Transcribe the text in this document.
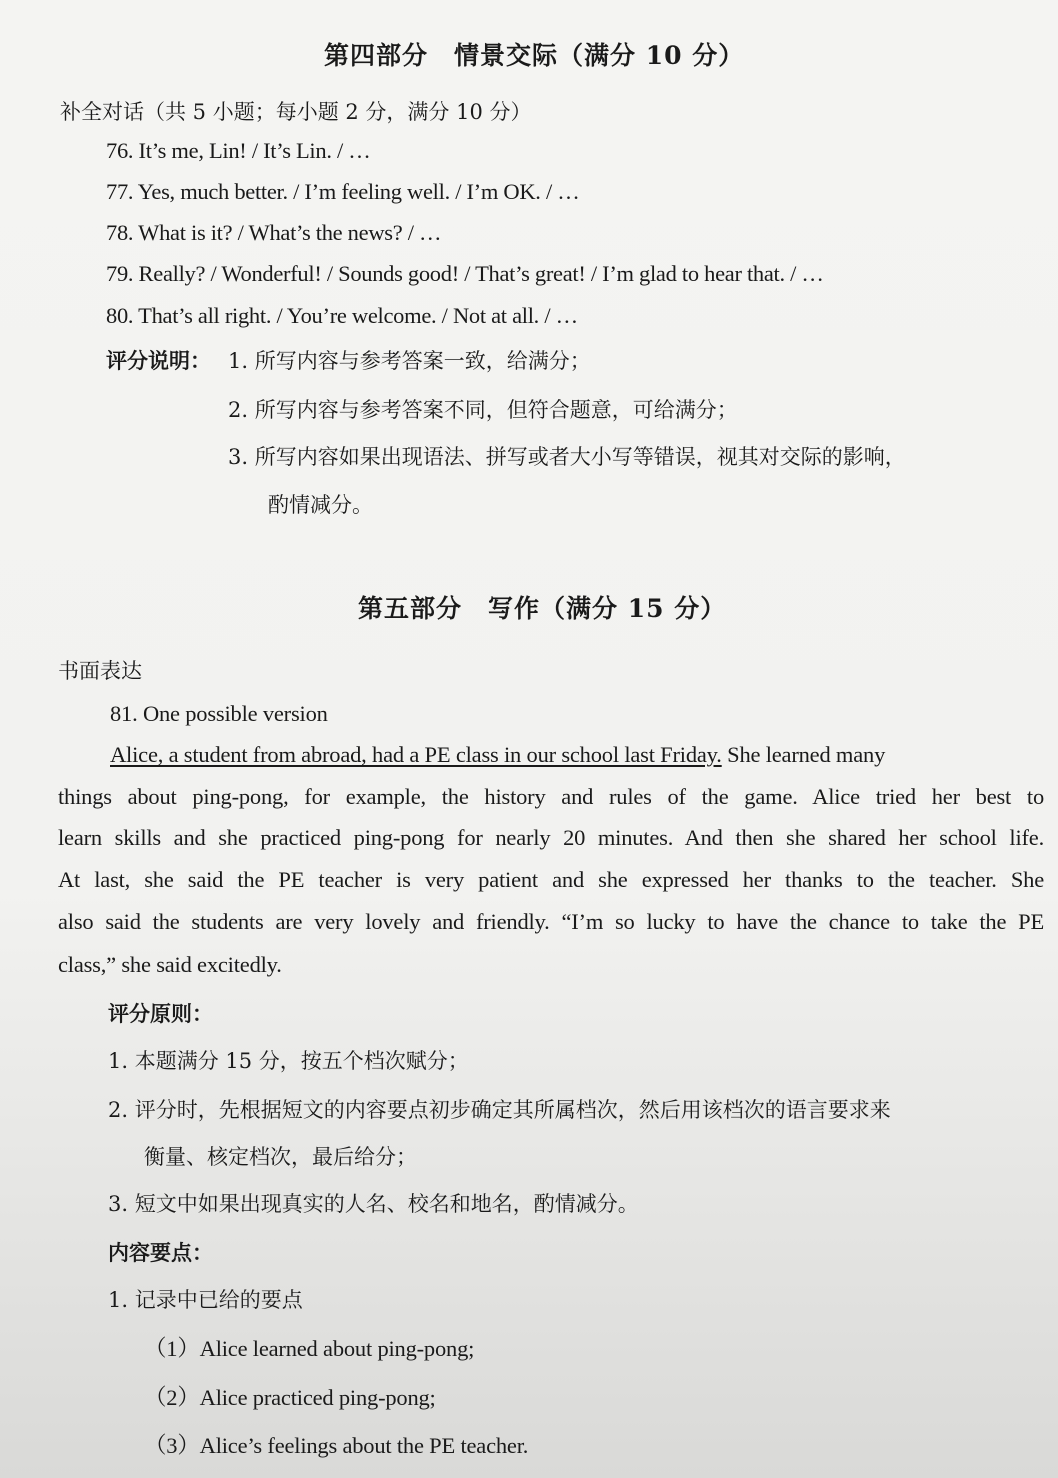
第四部分　情景交际（满分 10 分）
补全对话（共 5 小题；每小题 2 分，满分 10 分）
76. It’s me, Lin! / It’s Lin. / …
77. Yes, much better. / I’m feeling well. / I’m OK. / …
78. What is it? / What’s the news? / …
79. Really? / Wonderful! / Sounds good! / That’s great! / I’m glad to hear that. / …
80. That’s all right. / You’re welcome. / Not at all. / …
评分说明： 1. 所写内容与参考答案一致，给满分；
2. 所写内容与参考答案不同，但符合题意，可给满分；
3. 所写内容如果出现语法、拼写或者大小写等错误，视其对交际的影响，
酌情减分。
第五部分　写作（满分 15 分）
书面表达
81. One possible version
Alice, a student from abroad, had a PE class in our school last Friday. She learned many
things about ping-pong, for example, the history and rules of the game. Alice tried her best to
learn skills and she practiced ping-pong for nearly 20 minutes. And then she shared her school life.
At last, she said the PE teacher is very patient and she expressed her thanks to the teacher. She
also said the students are very lovely and friendly. “I’m so lucky to have the chance to take the PE
class,” she said excitedly.
评分原则：
1. 本题满分 15 分，按五个档次赋分；
2. 评分时，先根据短文的内容要点初步确定其所属档次，然后用该档次的语言要求来
衡量、核定档次，最后给分；
3. 短文中如果出现真实的人名、校名和地名，酌情减分。
内容要点：
1. 记录中已给的要点
（1）Alice learned about ping-pong;
（2）Alice practiced ping-pong;
（3）Alice’s feelings about the PE teacher.
